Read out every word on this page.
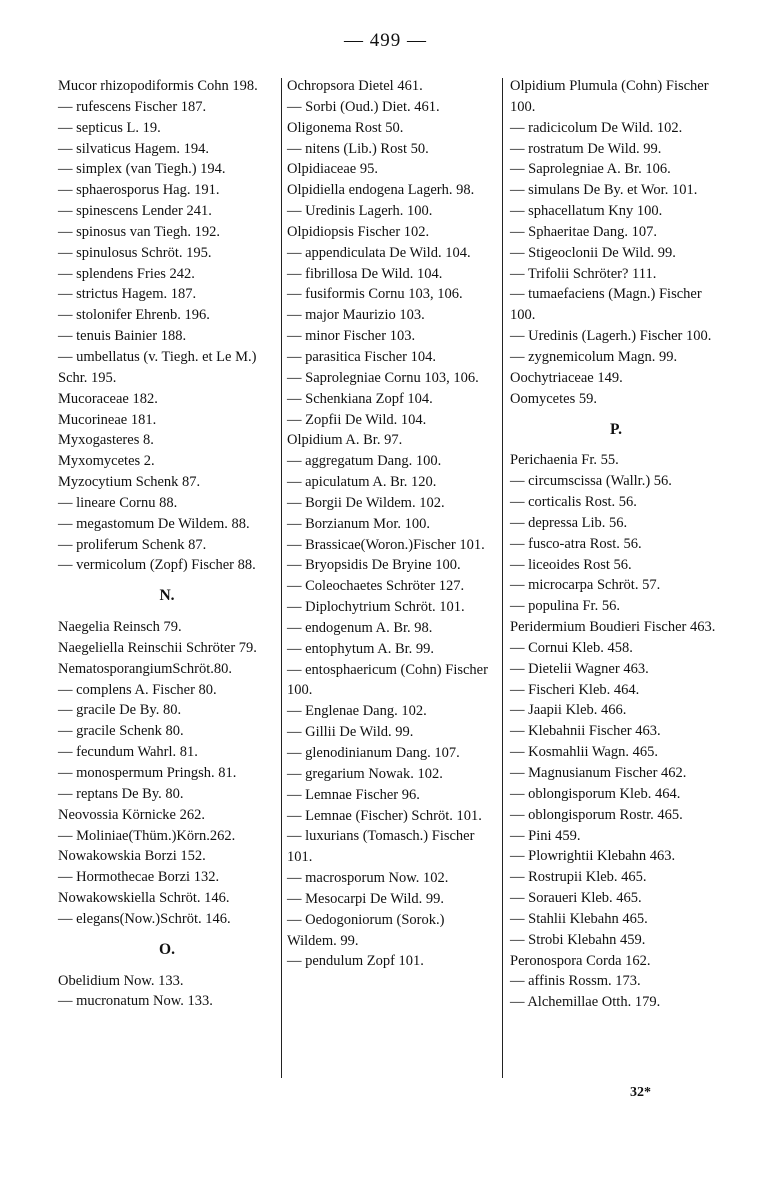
— 499 —
Mucor rhizopodiformis Cohn 198.
— rufescens Fischer 187.
— septicus L. 19.
— silvaticus Hagem. 194.
— simplex (van Tiegh.) 194.
— sphaerosporus Hag. 191.
— spinescens Lender 241.
— spinosus van Tiegh. 192.
— spinulosus Schröt. 195.
— splendens Fries 242.
— strictus Hagem. 187.
— stolonifer Ehrenb. 196.
— tenuis Bainier 188.
— umbellatus (v. Tiegh. et Le M.) Schr. 195.
Mucoraceae 182.
Mucorineae 181.
Myxogasteres 8.
Myxomycetes 2.
Myzocytium Schenk 87.
— lineare Cornu 88.
— megastomum De Wildem. 88.
— proliferum Schenk 87.
— vermicolum (Zopf) Fischer 88.
N.
Naegelia Reinsch 79.
Naegeliella Reinschii Schröter 79.
NematosporangiumSchröt.80.
— complens A. Fischer 80.
— gracile De By. 80.
— gracile Schenk 80.
— fecundum Wahrl. 81.
— monospermum Pringsh. 81.
— reptans De By. 80.
Neovossia Körnicke 262.
— Moliniae(Thüm.)Körn.262.
Nowakowskia Borzi 152.
— Hormothecae Borzi 132.
Nowakowskiella Schröt. 146.
— elegans(Now.)Schröt. 146.
O.
Obelidium Now. 133.
— mucronatum Now. 133.
Ochropsora Dietel 461.
— Sorbi (Oud.) Diet. 461.
Oligonema Rost 50.
— nitens (Lib.) Rost 50.
Olpidiaceae 95.
Olpidiella endogena Lagerh. 98.
— Uredinis Lagerh. 100.
Olpidiopsis Fischer 102.
— appendiculata De Wild. 104.
— fibrillosa De Wild. 104.
— fusiformis Cornu 103, 106.
— major Maurizio 103.
— minor Fischer 103.
— parasitica Fischer 104.
— Saprolegniae Cornu 103, 106.
— Schenkiana Zopf 104.
— Zopfii De Wild. 104.
Olpidium A. Br. 97.
— aggregatum Dang. 100.
— apiculatum A. Br. 120.
— Borgii De Wildem. 102.
— Borzianum Mor. 100.
— Brassicae(Woron.)Fischer 101.
— Bryopsidis De Bryine 100.
— Coleochaetes Schröter 127.
— Diplochytrium Schröt. 101.
— endogenum A. Br. 98.
— entophytum A. Br. 99.
— entosphaericum (Cohn) Fischer 100.
— Englenae Dang. 102.
— Gillii De Wild. 99.
— glenodinianum Dang. 107.
— gregarium Nowak. 102.
— Lemnae Fischer 96.
— Lemnae (Fischer) Schröt. 101.
— luxurians (Tomasch.) Fischer 101.
— macrosporum Now. 102.
— Mesocarpi De Wild. 99.
— Oedogoniorum (Sorok.) Wildem. 99.
— pendulum Zopf 101.
Olpidium Plumula (Cohn) Fischer 100.
— radicicolum De Wild. 102.
— rostratum De Wild. 99.
— Saprolegniae A. Br. 106.
— simulans De By. et Wor. 101.
— sphacellatum Kny 100.
— Sphaeritae Dang. 107.
— Stigeoclonii De Wild. 99.
— Trifolii Schröter? 111.
— tumaefaciens (Magn.) Fischer 100.
— Uredinis (Lagerh.) Fischer 100.
— zygnemicolum Magn. 99.
Oochytriaceae 149.
Oomycetes 59.
P.
Perichaenia Fr. 55.
— circumscissa (Wallr.) 56.
— corticalis Rost. 56.
— depressa Lib. 56.
— fusco-atra Rost. 56.
— liceoides Rost 56.
— microcarpa Schröt. 57.
— populina Fr. 56.
Peridermium Boudieri Fischer 463.
— Cornui Kleb. 458.
— Dietelii Wagner 463.
— Fischeri Kleb. 464.
— Jaapii Kleb. 466.
— Klebahnii Fischer 463.
— Kosmahlii Wagn. 465.
— Magnusianum Fischer 462.
— oblongisporum Kleb. 464.
— oblongisporum Rostr. 465.
— Pini 459.
— Plowrightii Klebahn 463.
— Rostrupii Kleb. 465.
— Soraueri Kleb. 465.
— Stahlii Klebahn 465.
— Strobi Klebahn 459.
Peronospora Corda 162.
— affinis Rossm. 173.
— Alchemillae Otth. 179.
32*
